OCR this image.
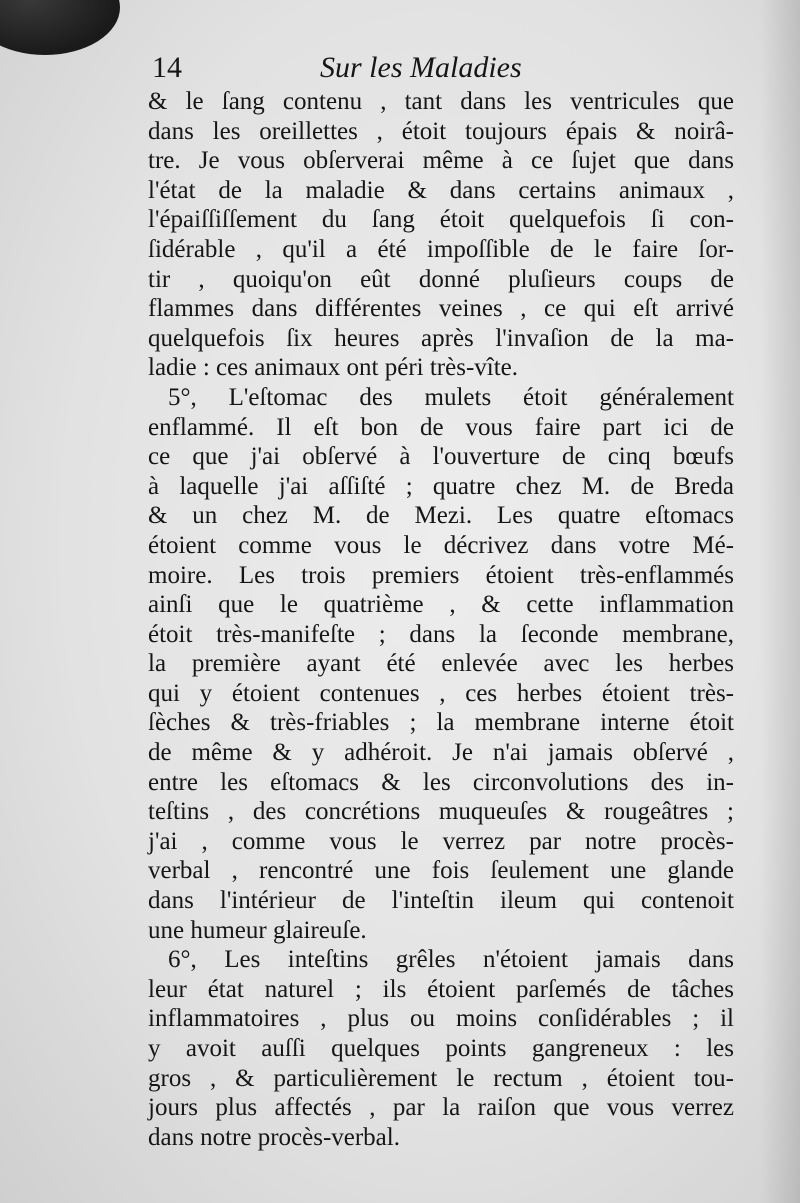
14	Sur les Maladies
& le ſang contenu , tant dans les ventricules que
dans les oreillettes , étoit toujours épais & noirâ-
tre. Je vous obſerverai même à ce ſujet que dans
l'état de la maladie & dans certains animaux ,
l'épaiſſiſſement du ſang étoit quelquefois ſi con-
ſidérable , qu'il a été impoſſible de le faire ſor-
tir , quoiqu'on eût donné pluſieurs coups de
flammes dans différentes veines , ce qui eſt arrivé
quelquefois ſix heures après l'invaſion de la ma-
ladie : ces animaux ont péri très-vîte.
5°, L'eſtomac des mulets étoit généralement
enflammé. Il eſt bon de vous faire part ici de
ce que j'ai obſervé à l'ouverture de cinq bœufs
à laquelle j'ai aſſiſté ; quatre chez M. de Breda
& un chez M. de Mezi. Les quatre eſtomacs
étoient comme vous le décrivez dans votre Mé-
moire. Les trois premiers étoient très-enflammés
ainſi que le quatrième , & cette inflammation
étoit très-manifeſte ; dans la ſeconde membrane,
la première ayant été enlevée avec les herbes
qui y étoient contenues , ces herbes étoient très-
ſèches & très-friables ; la membrane interne étoit
de même & y adhéroit. Je n'ai jamais obſervé ,
entre les eſtomacs & les circonvolutions des in-
teſtins , des concrétions muqueuſes & rougeâtres ;
j'ai , comme vous le verrez par notre procès-
verbal , rencontré une fois ſeulement une glande
dans l'intérieur de l'inteſtin ileum qui contenoit
une humeur glaireuſe.
6°, Les inteſtins grêles n'étoient jamais dans
leur état naturel ; ils étoient parſemés de tâches
inflammatoires , plus ou moins conſidérables ; il
y avoit auſſi quelques points gangreneux : les
gros , & particulièrement le rectum , étoient tou-
jours plus affectés , par la raiſon que vous verrez
dans notre procès-verbal.
